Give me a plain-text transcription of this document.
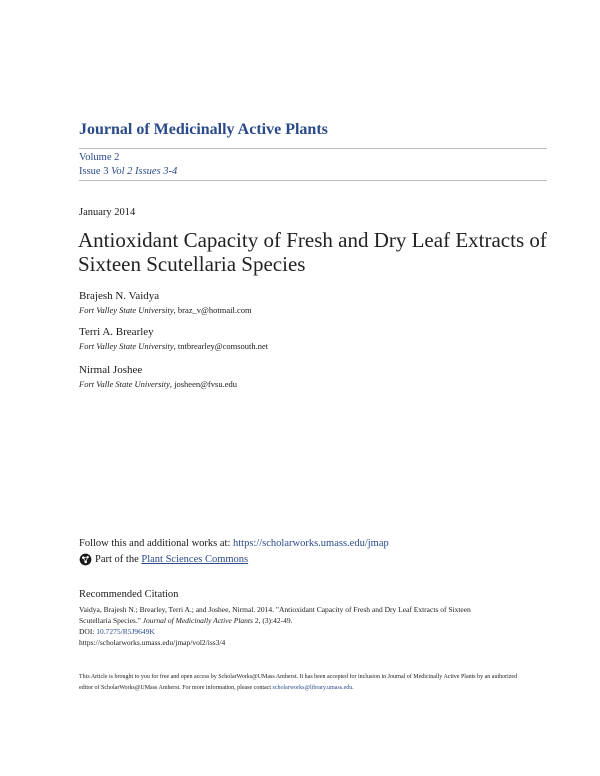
Journal of Medicinally Active Plants
Volume 2
Issue 3 Vol 2 Issues 3-4
January 2014
Antioxidant Capacity of Fresh and Dry Leaf Extracts of Sixteen Scutellaria Species
Brajesh N. Vaidya
Fort Valley State University, braz_v@hotmail.com
Terri A. Brearley
Fort Valley State University, tntbrearley@comsouth.net
Nirmal Joshee
Fort Valle State University, josheen@fvsu.edu
Follow this and additional works at: https://scholarworks.umass.edu/jmap
Part of the
Plant Sciences Commons
Recommended Citation
Vaidya, Brajesh N.; Brearley, Terri A.; and Joshee, Nirmal. 2014. "Antioxidant Capacity of Fresh and Dry Leaf Extracts of Sixteen
Scutellaria Species." Journal of Medicinally Active Plants 2, (3):42-49.
DOI: 10.7275/R5J9649K
https://scholarworks.umass.edu/jmap/vol2/iss3/4
This Article is brought to you for free and open access by ScholarWorks@UMass Amherst. It has been accepted for inclusion in Journal of Medicinally Active Plants by an authorized editor of ScholarWorks@UMass Amherst. For more information, please contact scholarworks@library.umass.edu.
